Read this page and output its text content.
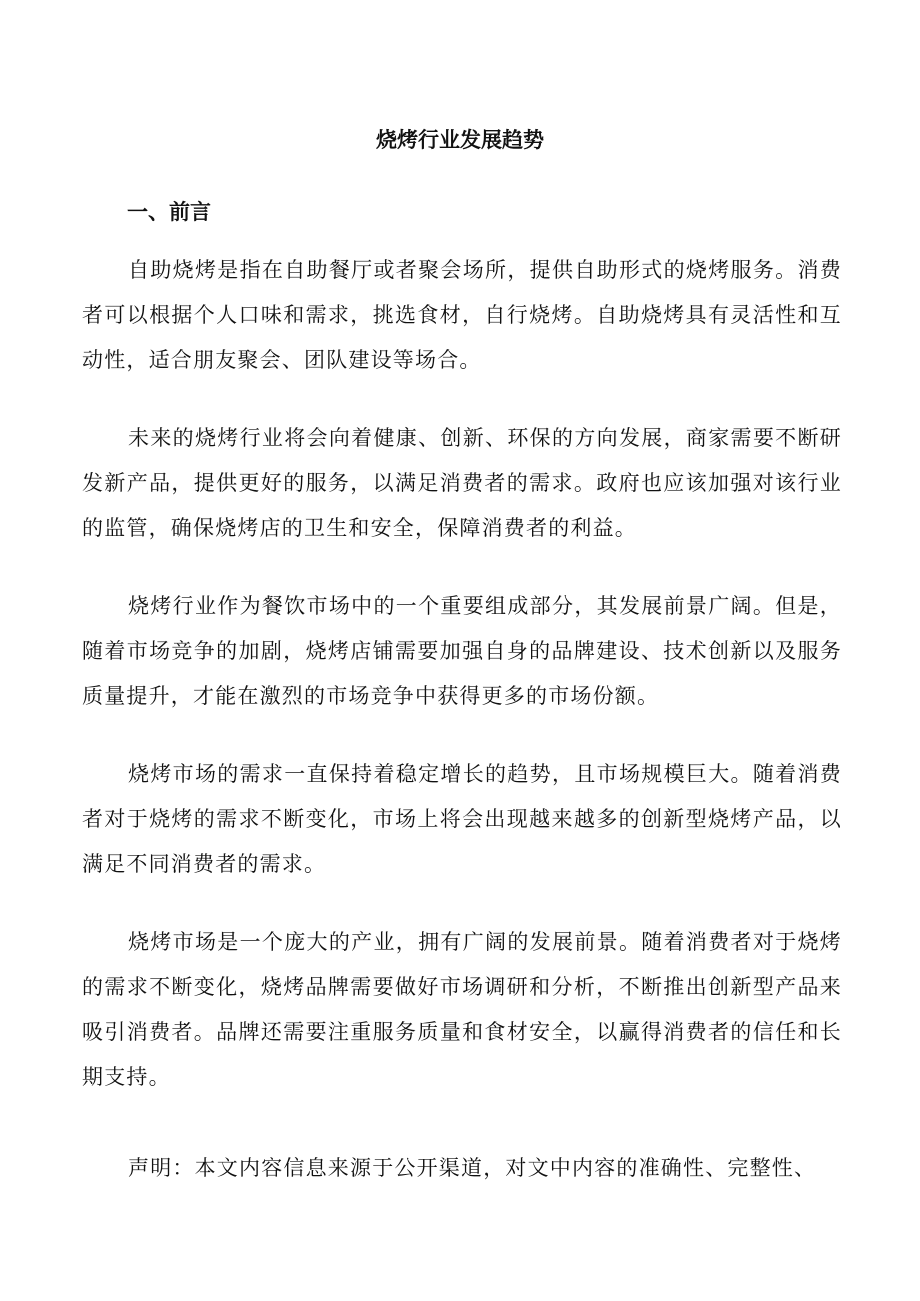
烧烤行业发展趋势
一、前言

自助烧烤是指在自助餐厅或者聚会场所，提供自助形式的烧烤服务。消费者可以根据个人口味和需求，挑选食材，自行烧烤。自助烧烤具有灵活性和互动性，适合朋友聚会、团队建设等场合。

未来的烧烤行业将会向着健康、创新、环保的方向发展，商家需要不断研发新产品，提供更好的服务，以满足消费者的需求。政府也应该加强对该行业的监管，确保烧烤店的卫生和安全，保障消费者的利益。

烧烤行业作为餐饮市场中的一个重要组成部分，其发展前景广阔。但是，随着市场竞争的加剧，烧烤店铺需要加强自身的品牌建设、技术创新以及服务质量提升，才能在激烈的市场竞争中获得更多的市场份额。

烧烤市场的需求一直保持着稳定增长的趋势，且市场规模巨大。随着消费者对于烧烤的需求不断变化，市场上将会出现越来越多的创新型烧烤产品，以满足不同消费者的需求。

烧烤市场是一个庞大的产业，拥有广阔的发展前景。随着消费者对于烧烤的需求不断变化，烧烤品牌需要做好市场调研和分析，不断推出创新型产品来吸引消费者。品牌还需要注重服务质量和食材安全，以赢得消费者的信任和长期支持。

声明：本文内容信息来源于公开渠道，对文中内容的准确性、完整性、
